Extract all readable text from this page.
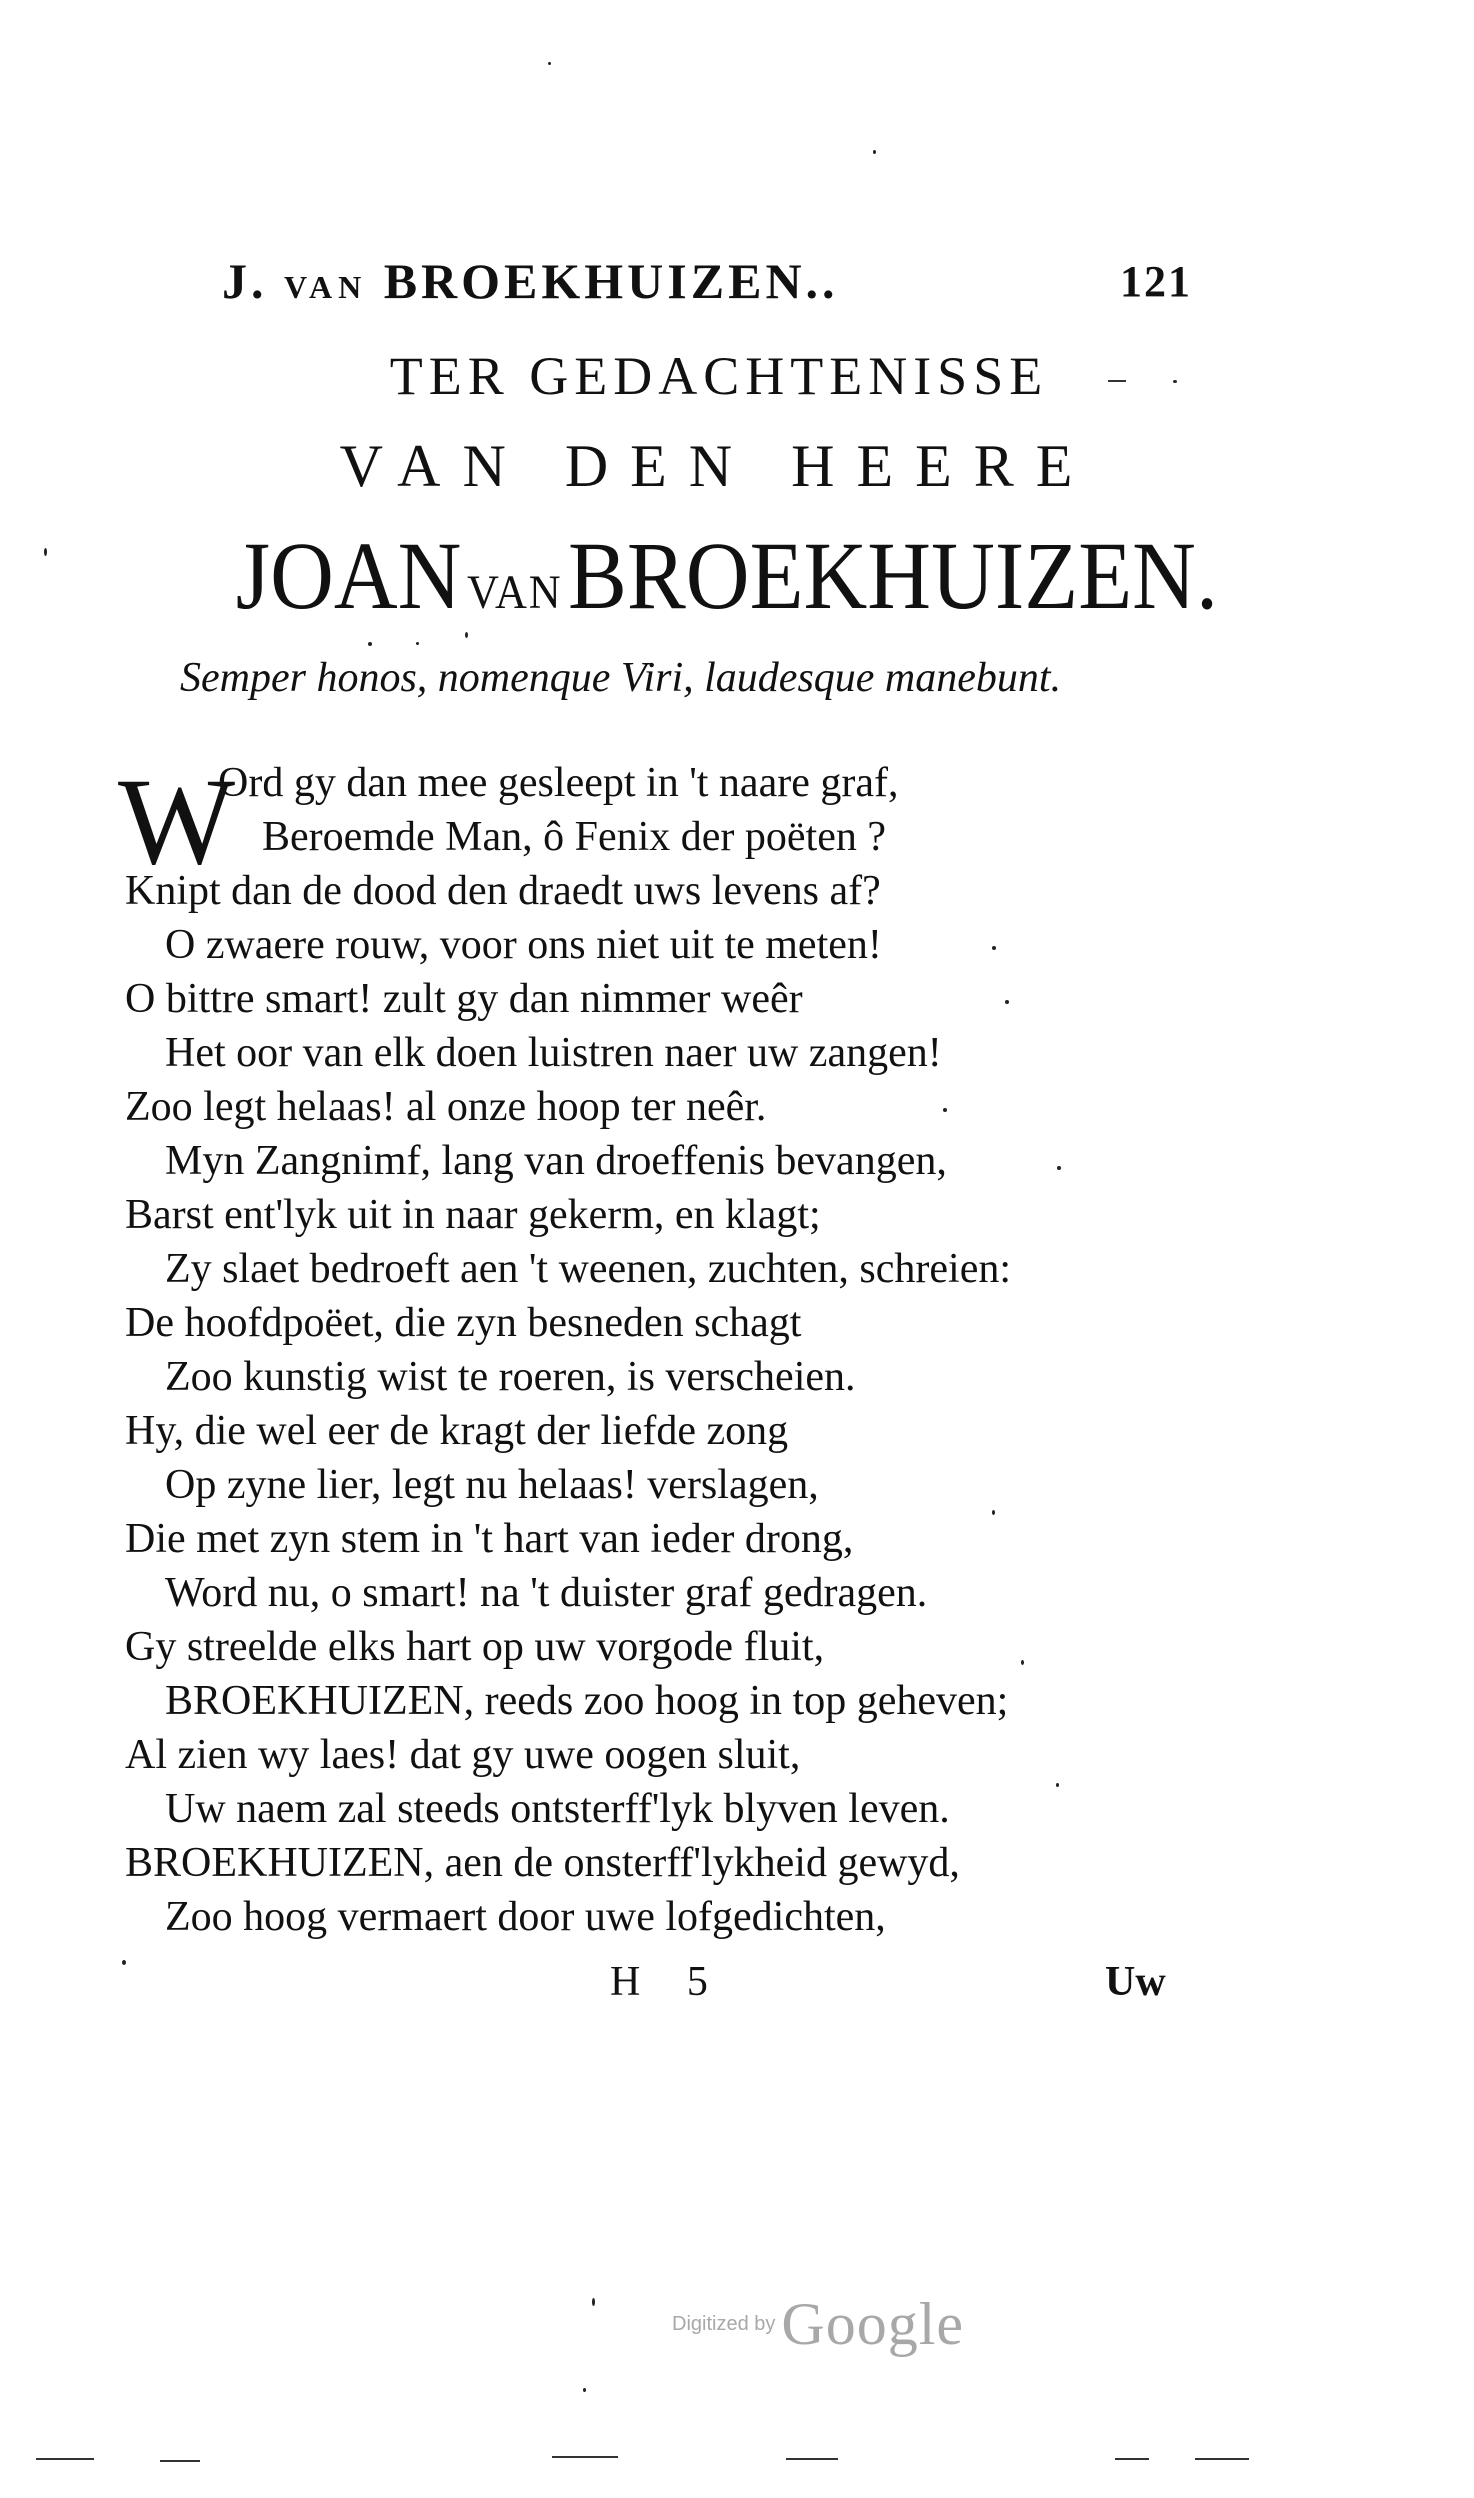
J. VAN BROEKHUIZEN..	121
TER GEDACHTENISSE
VAN DEN HEERE
JOAN VANBROEKHUIZEN.
Semper honos, nomenque Viri, laudesque manebunt.
W
Ord gy dan mee gesleept in 't naare graf,
Beroemde Man, ô Fenix der poëten ?
Knipt dan de dood den draedt uws levens af?
O zwaere rouw, voor ons niet uit te meten!
O bittre smart! zult gy dan nimmer weêr
Het oor van elk doen luistren naer uw zangen!
Zoo legt helaas! al onze hoop ter neêr.
Myn Zangnimf, lang van droeffenis bevangen,
Barst ent'lyk uit in naar gekerm, en klagt;
Zy slaet bedroeft aen 't weenen, zuchten, schreien:
De hoofdpoëet, die zyn besneden schagt
Zoo kunstig wist te roeren, is verscheien.
Hy, die wel eer de kragt der liefde zong
Op zyne lier, legt nu helaas! verslagen,
Die met zyn stem in 't hart van ieder drong,
Word nu, o smart! na 't duister graf gedragen.
Gy streelde elks hart op uw vorgode fluit,
BROEKHUIZEN, reeds zoo hoog in top geheven;
Al zien wy laes! dat gy uwe oogen sluit,
Uw naem zal steeds ontsterff'lyk blyven leven.
BROEKHUIZEN, aen de onsterff'lykheid gewyd,
Zoo hoog vermaert door uwe lofgedichten,
H 5	Uw
Digitized by Google
